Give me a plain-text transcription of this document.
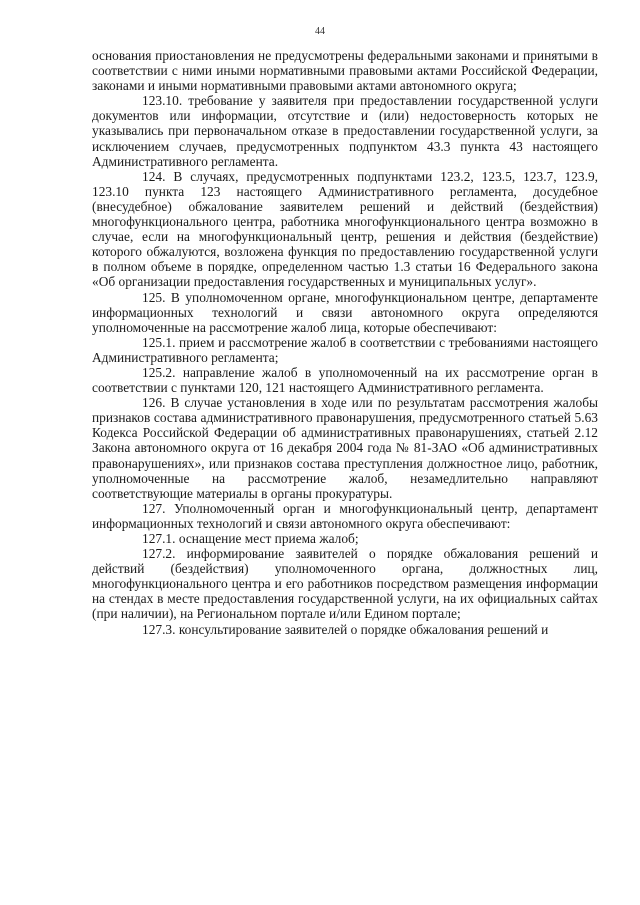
44

основания приостановления не предусмотрены федеральными законами и принятыми в соответствии с ними иными нормативными правовыми актами Российской Федерации, законами и иными нормативными правовыми актами автономного округа;

123.10. требование у заявителя при предоставлении государственной услуги документов или информации, отсутствие и (или) недостоверность которых не указывались при первоначальном отказе в предоставлении государственной услуги, за исключением случаев, предусмотренных подпунктом 43.3 пункта 43 настоящего Административного регламента.

124. В случаях, предусмотренных подпунктами 123.2, 123.5, 123.7, 123.9, 123.10 пункта 123 настоящего Административного регламента, досудебное (внесудебное) обжалование заявителем решений и действий (бездействия) многофункционального центра, работника многофункционального центра возможно в случае, если на многофункциональный центр, решения и действия (бездействие) которого обжалуются, возложена функция по предоставлению государственной услуги в полном объеме в порядке, определенном частью 1.3 статьи 16 Федерального закона «Об организации предоставления государственных и муниципальных услуг».

125. В уполномоченном органе, многофункциональном центре, департаменте информационных технологий и связи автономного округа определяются уполномоченные на рассмотрение жалоб лица, которые обеспечивают:

125.1. прием и рассмотрение жалоб в соответствии с требованиями настоящего Административного регламента;

125.2. направление жалоб в уполномоченный на их рассмотрение орган в соответствии с пунктами 120, 121 настоящего Административного регламента.

126. В случае установления в ходе или по результатам рассмотрения жалобы признаков состава административного правонарушения, предусмотренного статьей 5.63 Кодекса Российской Федерации об административных правонарушениях, статьей 2.12 Закона автономного округа от 16 декабря 2004 года № 81-ЗАО «Об административных правонарушениях», или признаков состава преступления должностное лицо, работник, уполномоченные на рассмотрение жалоб, незамедлительно направляют соответствующие материалы в органы прокуратуры.

127. Уполномоченный орган и многофункциональный центр, департамент информационных технологий и связи автономного округа обеспечивают:

127.1. оснащение мест приема жалоб;

127.2. информирование заявителей о порядке обжалования решений и действий (бездействия) уполномоченного органа, должностных лиц, многофункционального центра и его работников посредством размещения информации на стендах в месте предоставления государственной услуги, на их официальных сайтах (при наличии), на Региональном портале и/или Едином портале;

127.3. консультирование заявителей о порядке обжалования решений и
